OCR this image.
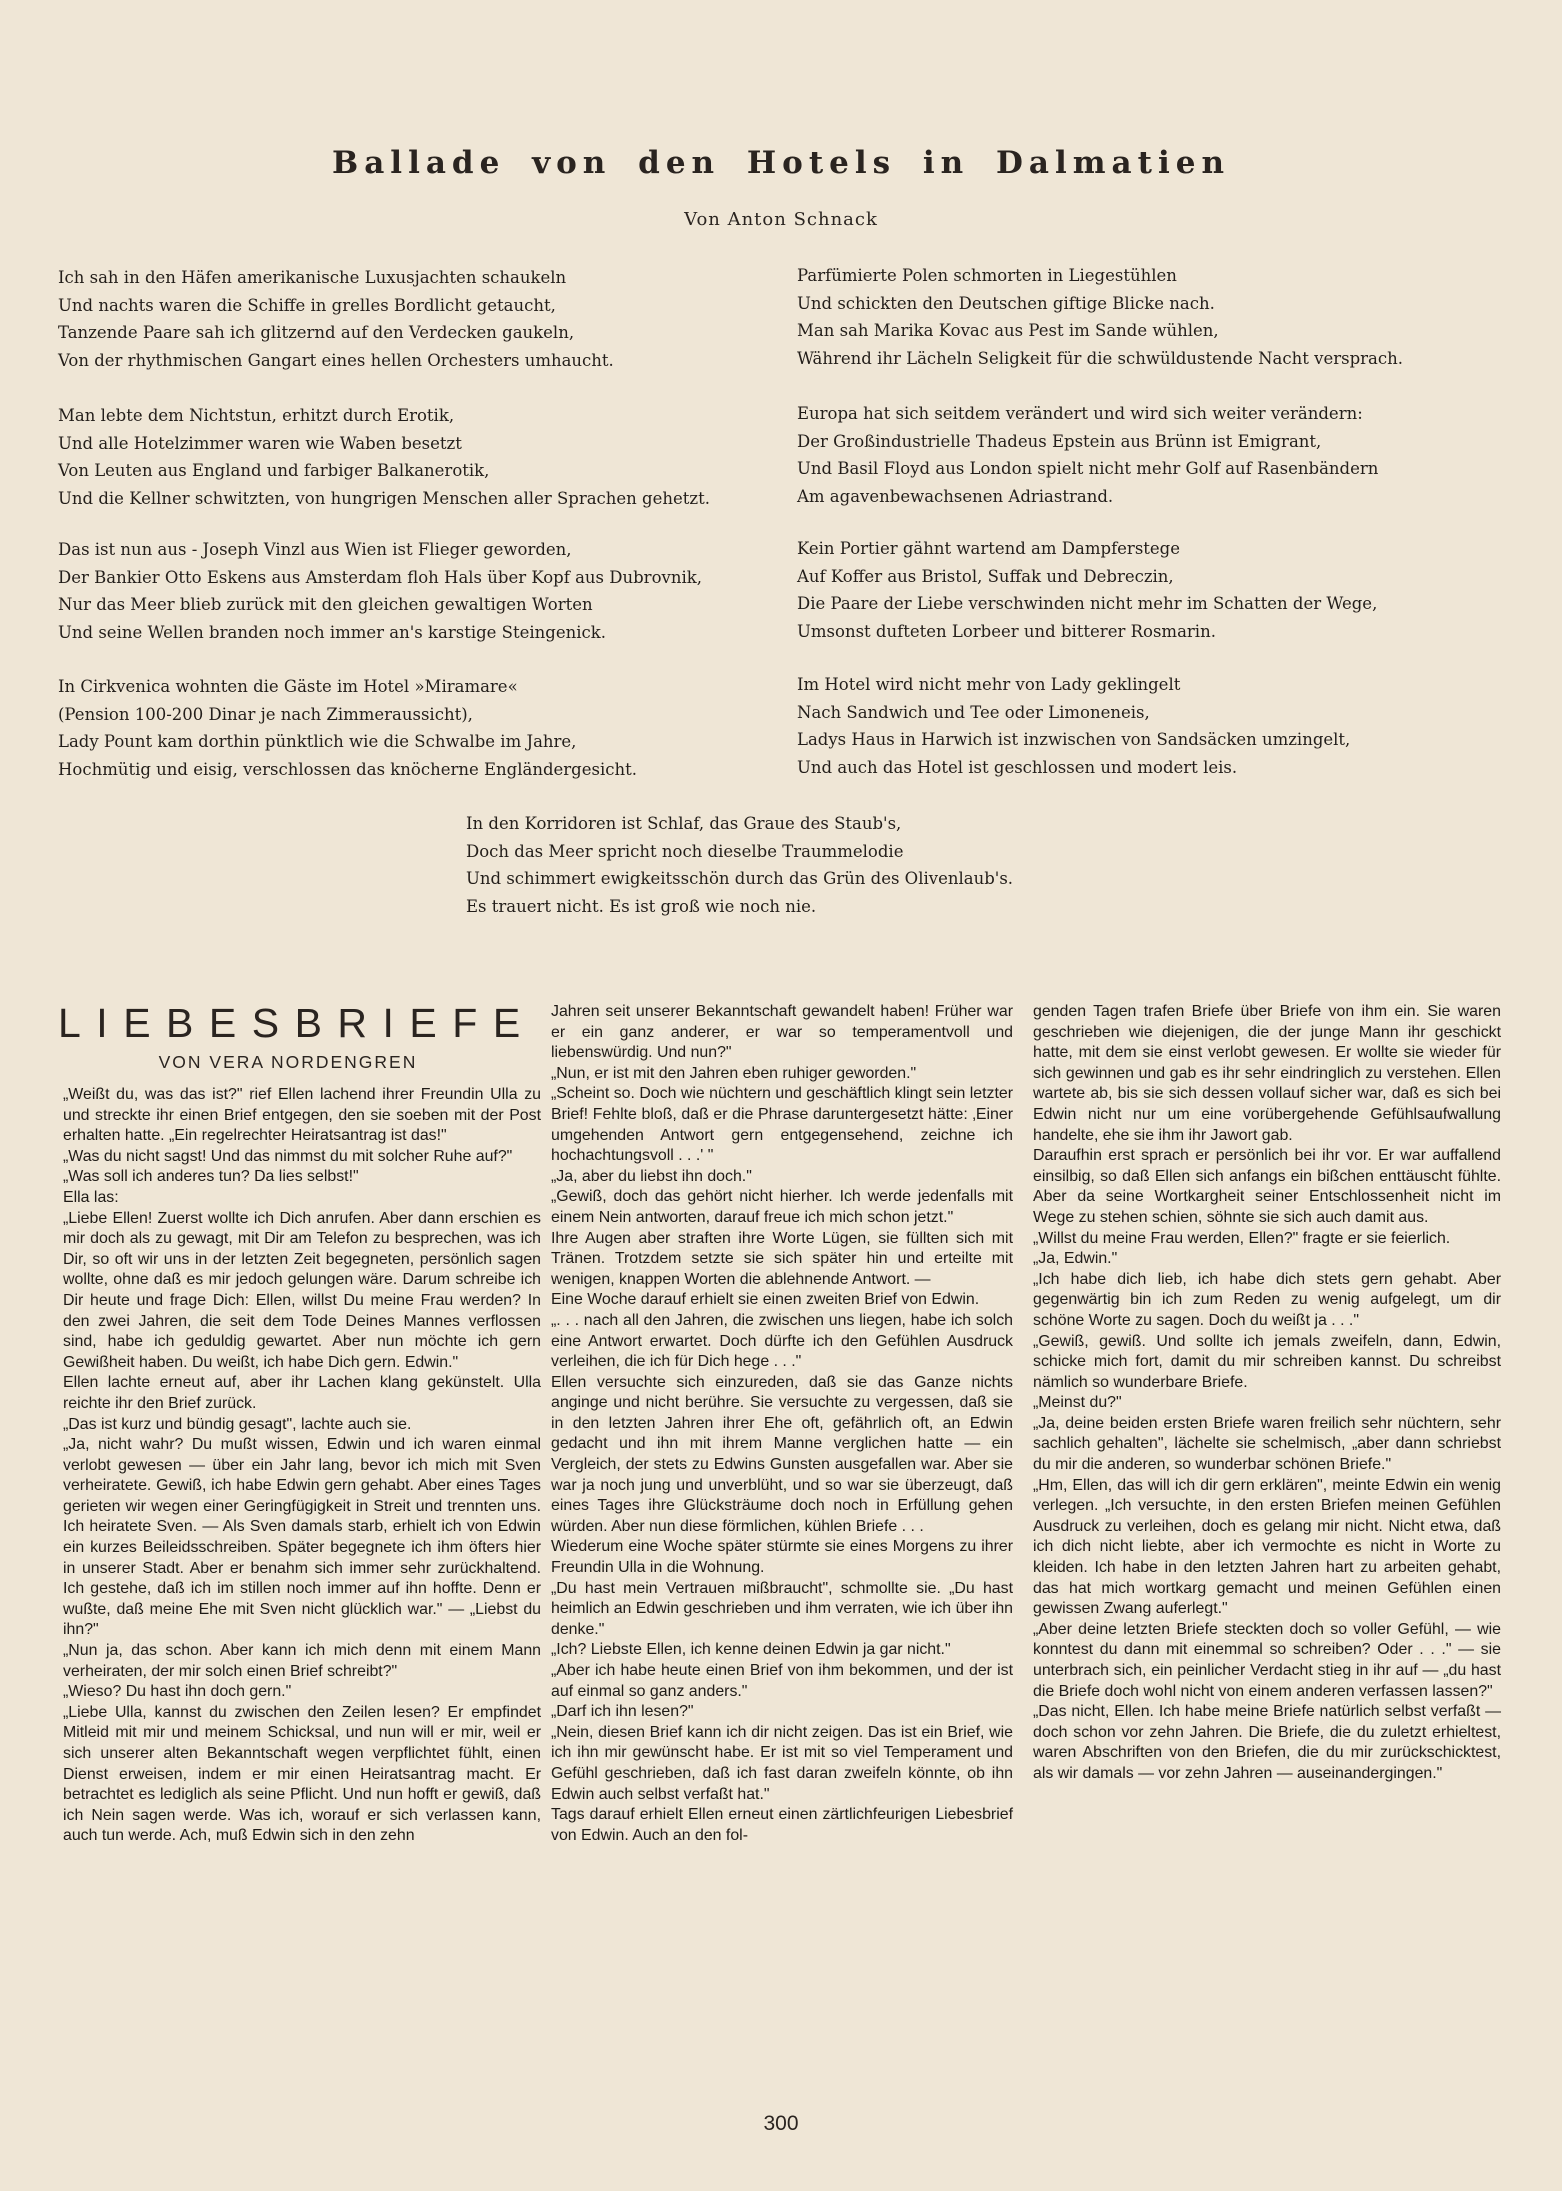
Ballade von den Hotels in Dalmatien
Von Anton Schnack
Ich sah in den Häfen amerikanische Luxusjachten schaukeln
Und nachts waren die Schiffe in grelles Bordlicht getaucht,
Tanzende Paare sah ich glitzernd auf den Verdecken gaukeln,
Von der rhythmischen Gangart eines hellen Orchesters umhaucht.
Man lebte dem Nichtstun, erhitzt durch Erotik,
Und alle Hotelzimmer waren wie Waben besetzt
Von Leuten aus England und farbiger Balkanerotik,
Und die Kellner schwitzten, von hungrigen Menschen aller Sprachen gehetzt.
Das ist nun aus - Joseph Vinzl aus Wien ist Flieger geworden,
Der Bankier Otto Eskens aus Amsterdam floh Hals über Kopf aus Dubrovnik,
Nur das Meer blieb zurück mit den gleichen gewaltigen Worten
Und seine Wellen branden noch immer an's karstige Steingenick.
In Cirkvenica wohnten die Gäste im Hotel »Miramare«
(Pension 100-200 Dinar je nach Zimmeraussicht),
Lady Pount kam dorthin pünktlich wie die Schwalbe im Jahre,
Hochmütig und eisig, verschlossen das knöcherne Engländergesicht.
Parfümierte Polen schmorten in Liegestühlen
Und schickten den Deutschen giftige Blicke nach.
Man sah Marika Kovac aus Pest im Sande wühlen,
Während ihr Lächeln Seligkeit für die schwüldustende Nacht versprach.
Europa hat sich seitdem verändert und wird sich weiter verändern:
Der Großindustrielle Thadeus Epstein aus Brünn ist Emigrant,
Und Basil Floyd aus London spielt nicht mehr Golf auf Rasenbändern
Am agavenbewachsenen Adriastrand.
Kein Portier gähnt wartend am Dampferstege
Auf Koffer aus Bristol, Suffak und Debreczin,
Die Paare der Liebe verschwinden nicht mehr im Schatten der Wege,
Umsonst dufteten Lorbeer und bitterer Rosmarin.
Im Hotel wird nicht mehr von Lady geklingelt
Nach Sandwich und Tee oder Limoneneis,
Ladys Haus in Harwich ist inzwischen von Sandsäcken umzingelt,
Und auch das Hotel ist geschlossen und modert leis.
In den Korridoren ist Schlaf, das Graue des Staub's,
Doch das Meer spricht noch dieselbe Traummelodie
Und schimmert ewigkeitsschön durch das Grün des Olivenlaub's.
Es trauert nicht. Es ist groß wie noch nie.
LIEBESBRIEFE
VON VERA NORDENGREN

„Weißt du, was das ist?" rief Ellen lachend ihrer Freundin Ulla zu und streckte ihr einen Brief entgegen, den sie soeben mit der Post erhalten hatte. „Ein regelrechter Heiratsantrag ist das!"

„Was du nicht sagst! Und das nimmst du mit solcher Ruhe auf?"

„Was soll ich anderes tun? Da lies selbst!"

Ella las:

„Liebe Ellen! Zuerst wollte ich Dich anrufen. Aber dann erschien es mir doch als zu gewagt, mit Dir am Telefon zu besprechen, was ich Dir, so oft wir uns in der letzten Zeit begegneten, persönlich sagen wollte, ohne daß es mir jedoch gelungen wäre. Darum schreibe ich Dir heute und frage Dich: Ellen, willst Du meine Frau werden? In den zwei Jahren, die seit dem Tode Deines Mannes verflossen sind, habe ich geduldig gewartet. Aber nun möchte ich gern Gewißheit haben. Du weißt, ich habe Dich gern. Edwin."

Ellen lachte erneut auf, aber ihr Lachen klang gekünstelt. Ulla reichte ihr den Brief zurück.

„Das ist kurz und bündig gesagt", lachte auch sie.

„Ja, nicht wahr? Du mußt wissen, Edwin und ich waren einmal verlobt gewesen — über ein Jahr lang, bevor ich mich mit Sven verheiratete. Gewiß, ich habe Edwin gern gehabt. Aber eines Tages gerieten wir wegen einer Geringfügigkeit in Streit und trennten uns. Ich heiratete Sven. — Als Sven damals starb, erhielt ich von Edwin ein kurzes Beileidsschreiben. Später begegnete ich ihm öfters hier in unserer Stadt. Aber er benahm sich immer sehr zurückhaltend. Ich gestehe, daß ich im stillen noch immer auf ihn hoffte. Denn er wußte, daß meine Ehe mit Sven nicht glücklich war." — „Liebst du ihn?"

„Nun ja, das schon. Aber kann ich mich denn mit einem Mann verheiraten, der mir solch einen Brief schreibt?"

„Wieso? Du hast ihn doch gern."

„Liebe Ulla, kannst du zwischen den Zeilen lesen? Er empfindet Mitleid mit mir und meinem Schicksal, und nun will er mir, weil er sich unserer alten Bekanntschaft wegen verpflichtet fühlt, einen Dienst erweisen, indem er mir einen Heiratsantrag macht. Er betrachtet es lediglich als seine Pflicht. Und nun hofft er gewiß, daß ich Nein sagen werde. Was ich, worauf er sich verlassen kann, auch tun werde. Ach, muß Edwin sich in den zehn

Jahren seit unserer Bekanntschaft gewandelt haben! Früher war er ein ganz anderer, er war so temperamentvoll und liebenswürdig. Und nun?"

„Nun, er ist mit den Jahren eben ruhiger geworden."

„Scheint so. Doch wie nüchtern und geschäftlich klingt sein letzter Brief! Fehlte bloß, daß er die Phrase daruntergesetzt hätte: ‚Einer umgehenden Antwort gern entgegensehend, zeichne ich hochachtungsvoll . . .' "

„Ja, aber du liebst ihn doch."

„Gewiß, doch das gehört nicht hierher. Ich werde jedenfalls mit einem Nein antworten, darauf freue ich mich schon jetzt."

Ihre Augen aber straften ihre Worte Lügen, sie füllten sich mit Tränen. Trotzdem setzte sie sich später hin und erteilte mit wenigen, knappen Worten die ablehnende Antwort. —

Eine Woche darauf erhielt sie einen zweiten Brief von Edwin.

„. . . nach all den Jahren, die zwischen uns liegen, habe ich solch eine Antwort erwartet. Doch dürfte ich den Gefühlen Ausdruck verleihen, die ich für Dich hege . . ."

Ellen versuchte sich einzureden, daß sie das Ganze nichts anginge und nicht berühre. Sie versuchte zu vergessen, daß sie in den letzten Jahren ihrer Ehe oft, gefährlich oft, an Edwin gedacht und ihn mit ihrem Manne verglichen hatte — ein Vergleich, der stets zu Edwins Gunsten ausgefallen war. Aber sie war ja noch jung und unverblüht, und so war sie überzeugt, daß eines Tages ihre Glücksträume doch noch in Erfüllung gehen würden. Aber nun diese förmlichen, kühlen Briefe . . .

Wiederum eine Woche später stürmte sie eines Morgens zu ihrer Freundin Ulla in die Wohnung.

„Du hast mein Vertrauen mißbraucht", schmollte sie. „Du hast heimlich an Edwin geschrieben und ihm verraten, wie ich über ihn denke."

„Ich? Liebste Ellen, ich kenne deinen Edwin ja gar nicht."

„Aber ich habe heute einen Brief von ihm bekommen, und der ist auf einmal so ganz anders."

„Darf ich ihn lesen?"

„Nein, diesen Brief kann ich dir nicht zeigen. Das ist ein Brief, wie ich ihn mir gewünscht habe. Er ist mit so viel Temperament und Gefühl geschrieben, daß ich fast daran zweifeln könnte, ob ihn Edwin auch selbst verfaßt hat."

Tags darauf erhielt Ellen erneut einen zärtlichfeurigen Liebesbrief von Edwin. Auch an den fol-

genden Tagen trafen Briefe über Briefe von ihm ein. Sie waren geschrieben wie diejenigen, die der junge Mann ihr geschickt hatte, mit dem sie einst verlobt gewesen. Er wollte sie wieder für sich gewinnen und gab es ihr sehr eindringlich zu verstehen. Ellen wartete ab, bis sie sich dessen vollauf sicher war, daß es sich bei Edwin nicht nur um eine vorübergehende Gefühlsaufwallung handelte, ehe sie ihm ihr Jawort gab.

Daraufhin erst sprach er persönlich bei ihr vor. Er war auffallend einsilbig, so daß Ellen sich anfangs ein bißchen enttäuscht fühlte. Aber da seine Wortkargheit seiner Entschlossenheit nicht im Wege zu stehen schien, söhnte sie sich auch damit aus.

„Willst du meine Frau werden, Ellen?" fragte er sie feierlich.

„Ja, Edwin."

„Ich habe dich lieb, ich habe dich stets gern gehabt. Aber gegenwärtig bin ich zum Reden zu wenig aufgelegt, um dir schöne Worte zu sagen. Doch du weißt ja . . ."

„Gewiß, gewiß. Und sollte ich jemals zweifeln, dann, Edwin, schicke mich fort, damit du mir schreiben kannst. Du schreibst nämlich so wunderbare Briefe.

„Meinst du?"

„Ja, deine beiden ersten Briefe waren freilich sehr nüchtern, sehr sachlich gehalten", lächelte sie schelmisch, „aber dann schriebst du mir die anderen, so wunderbar schönen Briefe."

„Hm, Ellen, das will ich dir gern erklären", meinte Edwin ein wenig verlegen. „Ich versuchte, in den ersten Briefen meinen Gefühlen Ausdruck zu verleihen, doch es gelang mir nicht. Nicht etwa, daß ich dich nicht liebte, aber ich vermochte es nicht in Worte zu kleiden. Ich habe in den letzten Jahren hart zu arbeiten gehabt, das hat mich wortkarg gemacht und meinen Gefühlen einen gewissen Zwang auferlegt."

„Aber deine letzten Briefe steckten doch so voller Gefühl, — wie konntest du dann mit einemmal so schreiben? Oder . . ." — sie unterbrach sich, ein peinlicher Verdacht stieg in ihr auf — „du hast die Briefe doch wohl nicht von einem anderen verfassen lassen?"

„Das nicht, Ellen. Ich habe meine Briefe natürlich selbst verfaßt — doch schon vor zehn Jahren. Die Briefe, die du zuletzt erhieltest, waren Abschriften von den Briefen, die du mir zurückschicktest, als wir damals — vor zehn Jahren — auseinandergingen."

300
